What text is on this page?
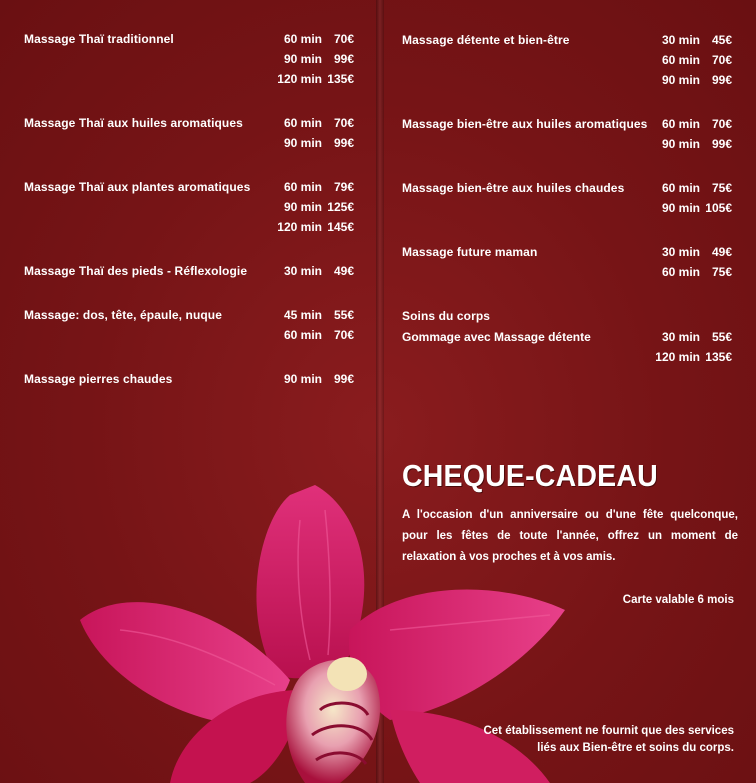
Massage Thaï traditionnel	60 min 70€
90 min 99€
120 min 135€
Massage Thaï aux huiles aromatiques	60 min 70€
90 min 99€
Massage Thaï aux plantes aromatiques	60 min 79€
90 min 125€
120 min 145€
Massage Thaï des pieds - Réflexologie	30 min 49€
Massage: dos, tête, épaule, nuque	45 min 55€
60 min 70€
Massage pierres chaudes	90 min 99€
Massage détente et bien-être	30 min 45€
60 min 70€
90 min 99€
Massage bien-être aux huiles aromatiques	60 min 70€
90 min 99€
Massage bien-être aux huiles chaudes	60 min 75€
90 min 105€
Massage future maman	30 min 49€
60 min 75€
Soins du corps
Gommage avec Massage détente	30 min 55€
120 min 135€
CHEQUE-CADEAU
A l'occasion d'un anniversaire ou d'une fête quelconque, pour les fêtes de toute l'année, offrez un moment de relaxation à vos proches et à vos amis.
Carte valable 6 mois
Cet établissement ne fournit que des services liés aux Bien-être et soins du corps.
